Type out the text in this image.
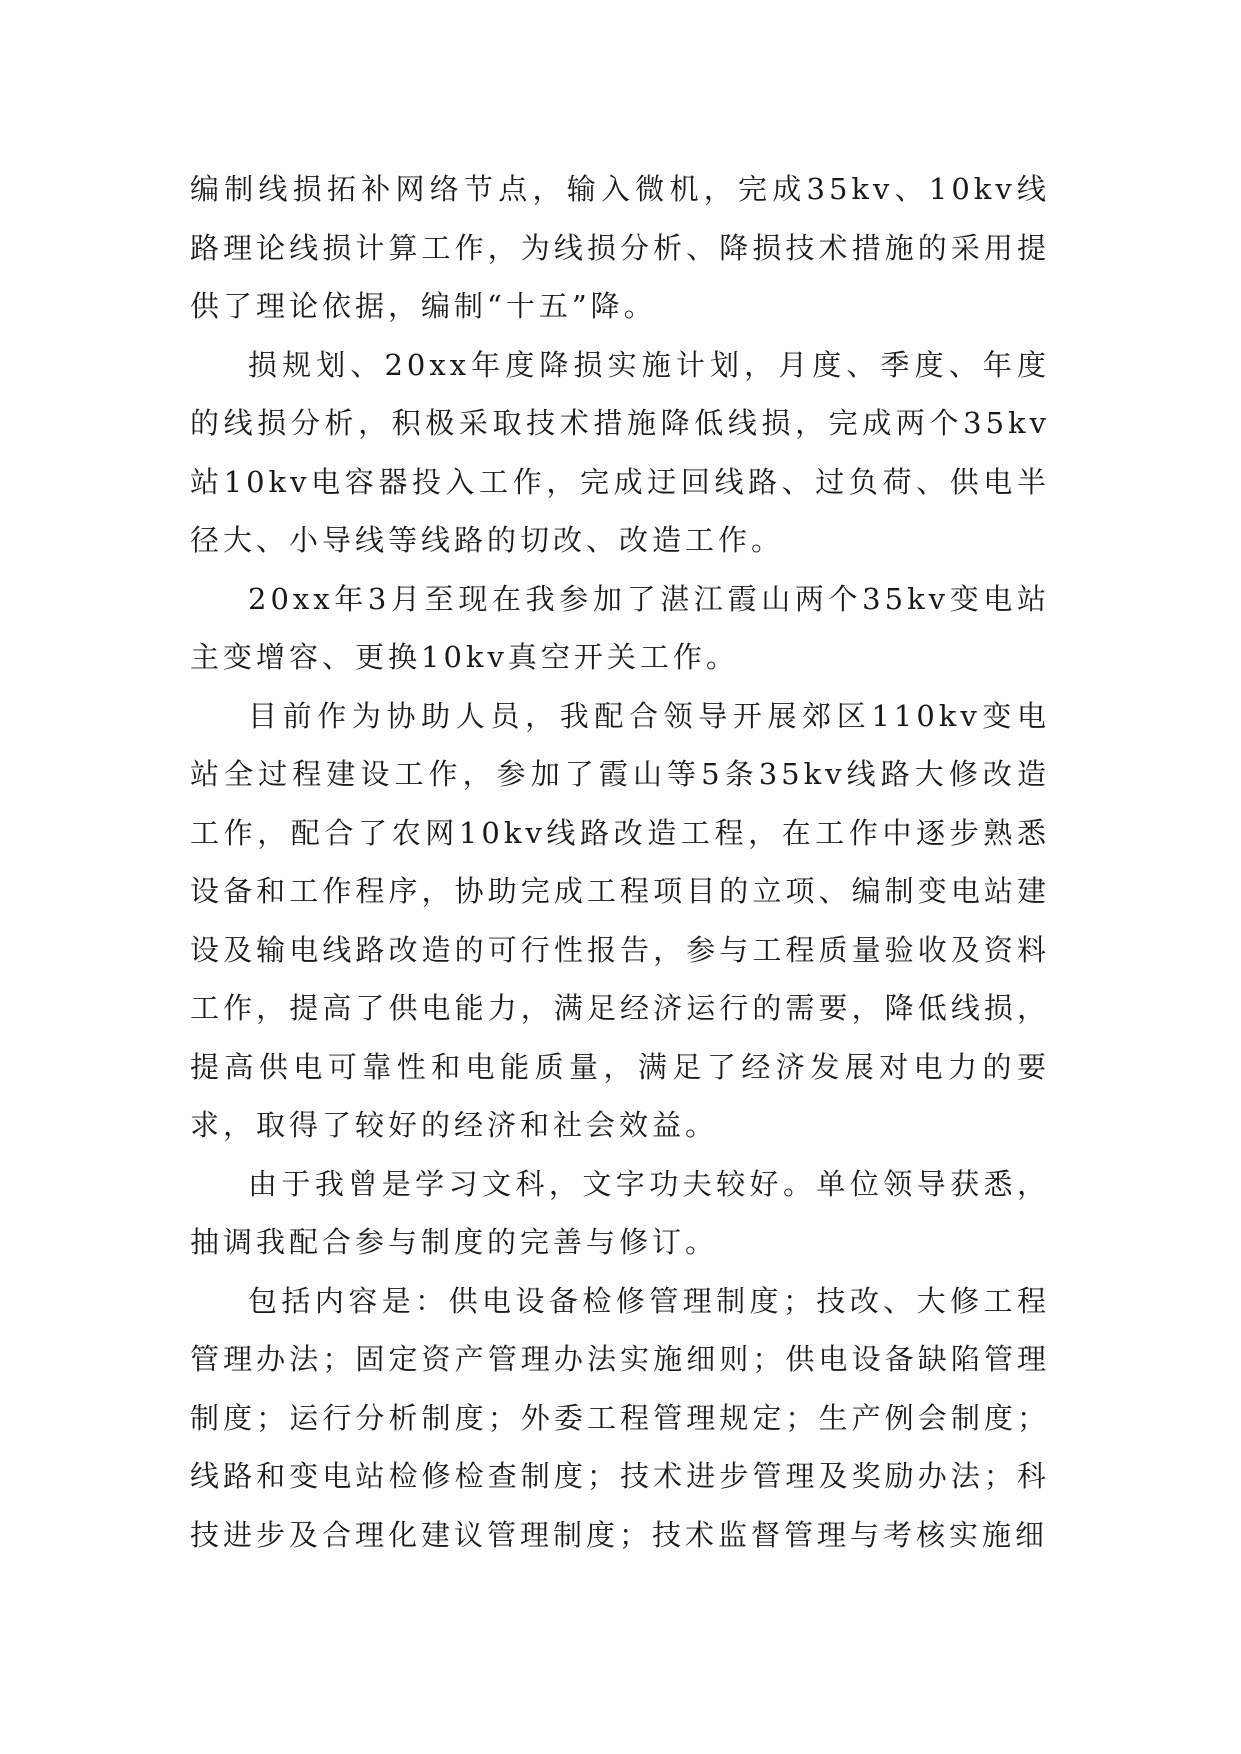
编制线损拓补网络节点，输入微机，完成35kv、10kv线路理论线损计算工作，为线损分析、降损技术措施的采用提供了理论依据，编制“十五”降。

损规划、20xx年度降损实施计划，月度、季度、年度的线损分析，积极采取技术措施降低线损，完成两个35kv站10kv电容器投入工作，完成迂回线路、过负荷、供电半径大、小导线等线路的切改、改造工作。

20xx年3月至现在我参加了湛江霞山两个35kv变电站主变增容、更换10kv真空开关工作。

目前作为协助人员，我配合领导开展郊区110kv变电站全过程建设工作，参加了霞山等5条35kv线路大修改造工作，配合了农网10kv线路改造工程，在工作中逐步熟悉设备和工作程序，协助完成工程项目的立项、编制变电站建设及输电线路改造的可行性报告，参与工程质量验收及资料工作，提高了供电能力，满足经济运行的需要，降低线损，提高供电可靠性和电能质量，满足了经济发展对电力的要求，取得了较好的经济和社会效益。

由于我曾是学习文科，文字功夫较好。单位领导获悉，抽调我配合参与制度的完善与修订。

包括内容是：供电设备检修管理制度；技改、大修工程管理办法；固定资产管理办法实施细则；供电设备缺陷管理制度；运行分析制度；外委工程管理规定；生产例会制度；线路和变电站检修检查制度；技术进步管理及奖励办法；科技进步及合理化建议管理制度；技术监督管理与考核实施细
